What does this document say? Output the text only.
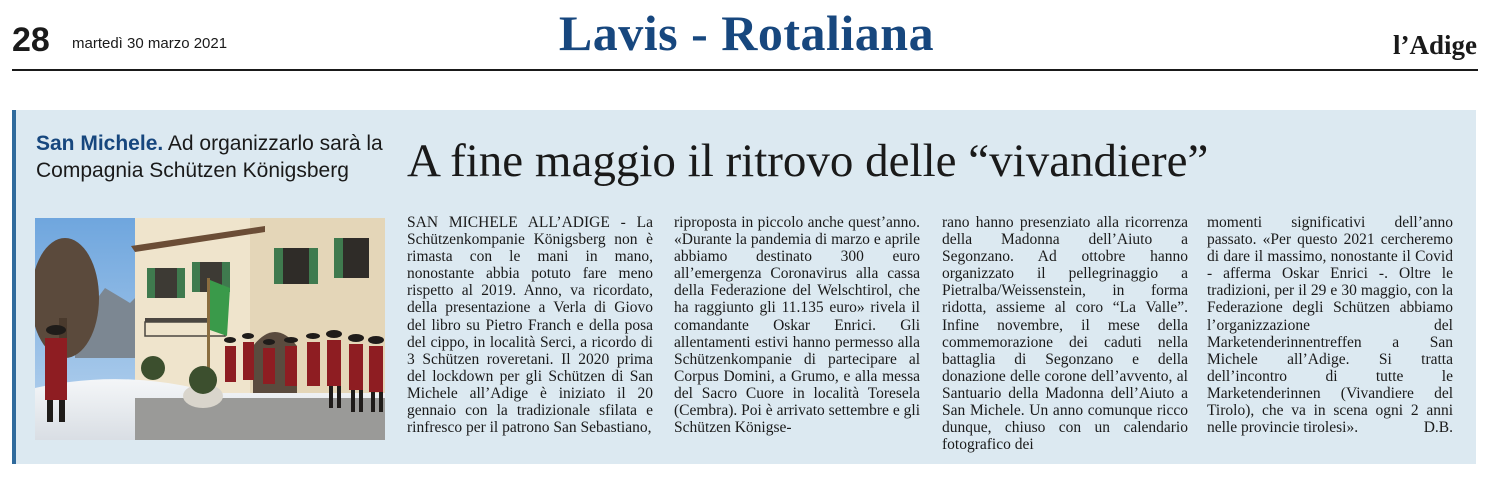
28 martedì 30 marzo 2021	Lavis - Rotaliana	l’Adige
San Michele. Ad organizzarlo sarà la Compagnia Schützen Königsberg	A fine maggio il ritrovo delle “vivandiere”
SAN MICHELE ALL’ADIGE - La Schützenkompanie Königsberg non è rimasta con le mani in mano, nonostante abbia potuto fare meno rispetto al 2019. Anno, va ricordato, della presentazione a Verla di Giovo del libro su Pietro Franch e della posa del cippo, in località Serci, a ricordo di 3 Schützen roveretani. Il 2020 prima del lockdown per gli Schützen di San Michele all’Adige è iniziato il 20 gennaio con la tradizionale sfilata e rinfresco per il patrono San Sebastiano,
riproposta in piccolo anche quest’anno. «Durante la pandemia di marzo e aprile abbiamo destinato 300 euro all’emergenza Coronavirus alla cassa della Federazione del Welschtirol, che ha raggiunto gli 11.135 euro» rivela il comandante Oskar Enrici. Gli allentamenti estivi hanno permesso alla Schützenkompanie di partecipare al Corpus Domini, a Grumo, e alla messa del Sacro Cuore in località Toresela (Cembra). Poi è arrivato settembre e gli Schützen Königse-
rano hanno presenziato alla ricorrenza della Madonna dell’Aiuto a Segonzano. Ad ottobre hanno organizzato il pellegrinaggio a Pietralba/Weissenstein, in forma ridotta, assieme al coro “La Valle”. Infine novembre, il mese della commemorazione dei caduti nella battaglia di Segonzano e della donazione delle corone dell’avvento, al Santuario della Madonna dell’Aiuto a San Michele. Un anno comunque ricco dunque, chiuso con un calendario fotografico dei
momenti significativi dell’anno passato. «Per questo 2021 cercheremo di dare il massimo, nonostante il Covid - afferma Oskar Enrici -. Oltre le tradizioni, per il 29 e 30 maggio, con la Federazione degli Schützen abbiamo l’organizzazione del Marketenderinnentreffen a San Michele all’Adige. Si tratta dell’incontro di tutte le Marketenderinnen (Vivandiere del Tirolo), che va in scena ogni 2 anni nelle provincie tirolesi».	D.B.
